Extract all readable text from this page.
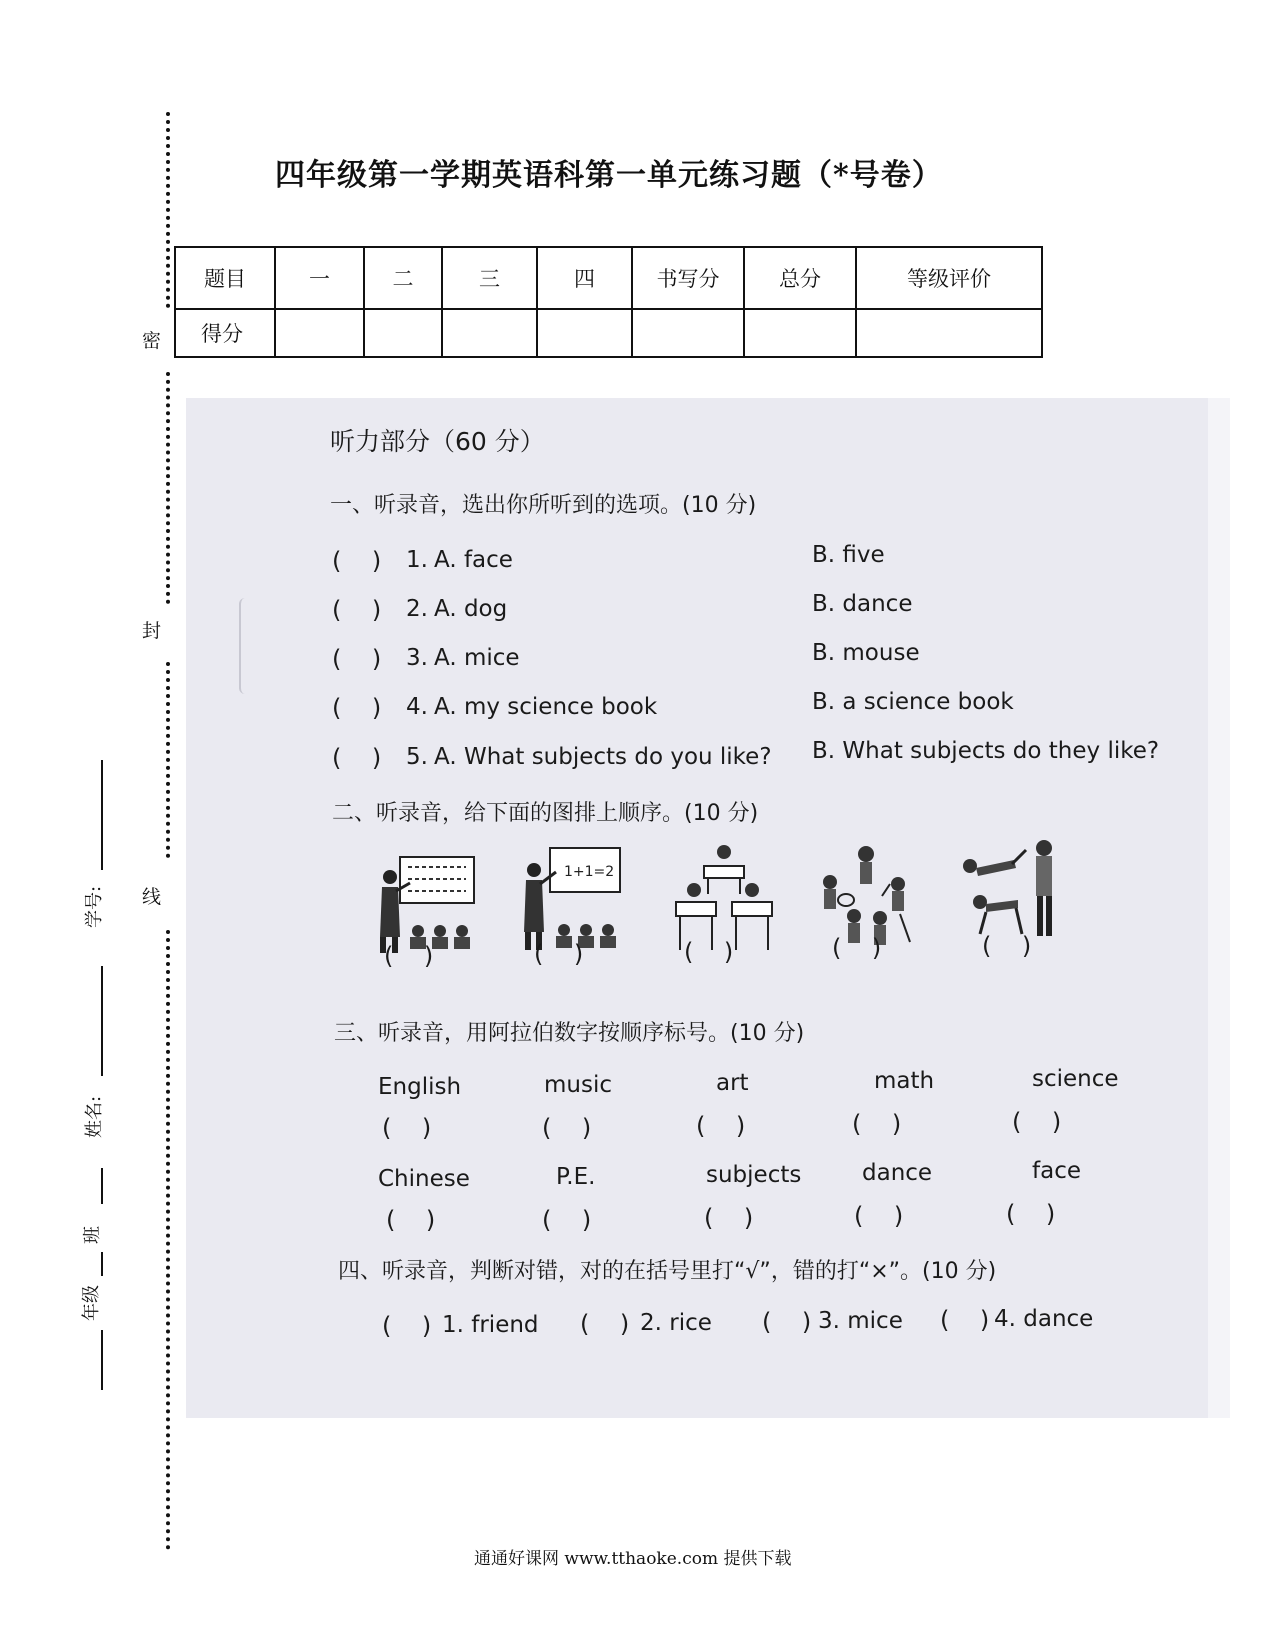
密
封
线
学号:
姓名:
班
年级
四年级第一学期英语科第一单元练习题（*号卷）
题目	一	二	三	四	书写分	总分	等级评价
得分							
听力部分（60 分）
一、听录音，选出你所听到的选项。(10 分)
(    ) 1. A. face	B. five
(    ) 2. A. dog	B. dance
(    ) 3. A. mice	B. mouse
(    ) 4. A. my science book	B. a science book
(    ) 5. A. What subjects do you like? B. What subjects do they like?
二、听录音，给下面的图排上顺序。(10 分)
1+1=2
(    )	(    )	(    )	(    )	(    )
三、听录音，用阿拉伯数字按顺序标号。(10 分)
English	music	art	math	science
(    )	(    )	(    )	(    )	(    )
Chinese	P.E.	subjects	dance	face
(    )	(    )	(    )	(    )	(    )
四、听录音，判断对错，对的在括号里打“√”，错的打“×”。(10 分)
(    ) 1. friend (    ) 2. rice (    ) 3. mice (    ) 4. dance
通通好课网 www.tthaoke.com 提供下载
